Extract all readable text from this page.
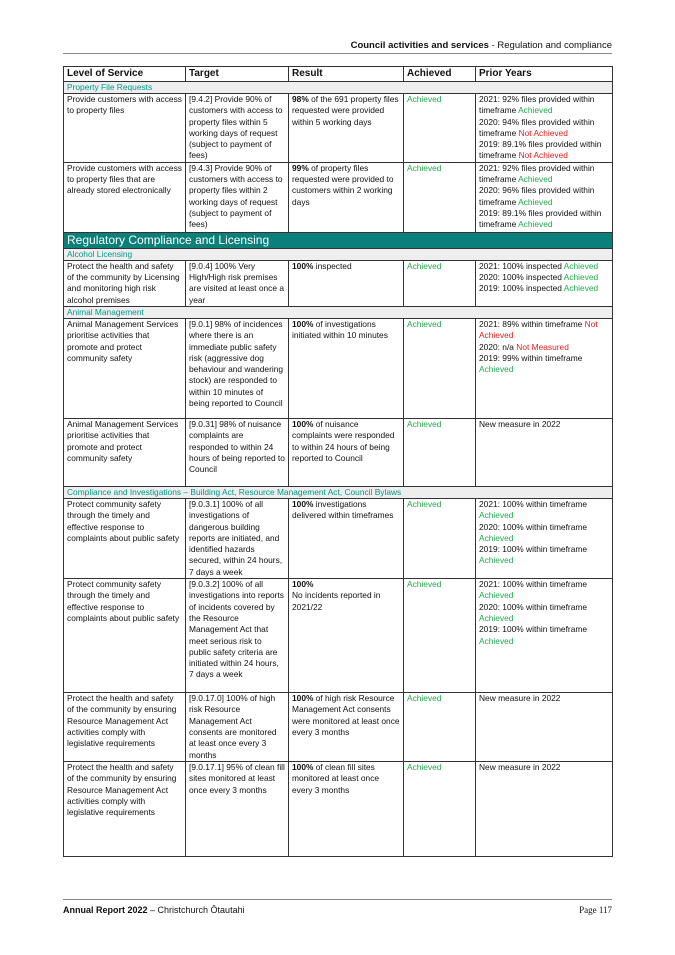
Council activities and services - Regulation and compliance
Level of Service	Target	Result	Achieved	Prior Years
Property File Requests				
Provide customers with access to property files	[9.4.2] Provide 90% of customers with access to property files within 5 working days of request (subject to payment of fees)	98% of the 691 property files requested were provided within 5 working days	Achieved	2021: 92% files provided within timeframe Achieved
2020: 94% files provided within timeframe Not Achieved
2019: 89.1% files provided within timeframe Not Achieved
Provide customers with access to property files that are already stored electronically	[9.4.3] Provide 90% of customers with access to property files within 2 working days of request (subject to payment of fees)	99% of property files requested were provided to customers within 2 working days	Achieved	2021: 92% files provided within timeframe Achieved
2020: 96% files provided within timeframe Achieved
2019: 89.1% files provided within timeframe Achieved
Regulatory Compliance and Licensing				
Alcohol Licensing				
Protect the health and safety of the community by Licensing and monitoring high risk alcohol premises	[9.0.4] 100% Very High/High risk premises are visited at least once a year	100% inspected	Achieved	2021: 100% inspected Achieved
2020: 100% inspected Achieved
2019: 100% inspected Achieved
Animal Management				
Animal Management Services prioritise activities that promote and protect community safety	[9.0.1] 98% of incidences where there is an immediate public safety risk (aggressive dog behaviour and wandering stock) are responded to within 10 minutes of being reported to Council	100% of investigations initiated within 10 minutes	Achieved	2021: 89% within timeframe Not Achieved
2020: n/a Not Measured
2019: 99% within timeframe Achieved
Animal Management Services prioritise activities that promote and protect community safety	[9.0.31] 98% of nuisance complaints are responded to within 24 hours of being reported to Council	100% of nuisance complaints were responded to within 24 hours of being reported to Council	Achieved	New measure in 2022
Compliance and Investigations – Building Act, Resource Management Act, Council Bylaws				
Protect community safety through the timely and effective response to complaints about public safety	[9.0.3.1] 100% of all investigations of dangerous building reports are initiated, and identified hazards secured, within 24 hours, 7 days a week	100% investigations delivered within timeframes	Achieved	2021: 100% within timeframe Achieved
2020: 100% within timeframe Achieved
2019: 100% within timeframe Achieved
Protect community safety through the timely and effective response to complaints about public safety	[9.0.3.2] 100% of all investigations into reports of incidents covered by the Resource Management Act that meet serious risk to public safety criteria are initiated within 24 hours, 7 days a week	100%
No incidents reported in 2021/22	Achieved	2021: 100% within timeframe Achieved
2020: 100% within timeframe Achieved
2019: 100% within timeframe Achieved
Protect the health and safety of the community by ensuring Resource Management Act activities comply with legislative requirements	[9.0.17.0] 100% of high risk Resource Management Act consents are monitored at least once every 3 months	100% of high risk Resource Management Act consents were monitored at least once every 3 months	Achieved	New measure in 2022
Protect the health and safety of the community by ensuring Resource Management Act activities comply with legislative requirements	[9.0.17.1] 95% of clean fill sites monitored at least once every 3 months	100% of clean fill sites monitored at least once every 3 months	Achieved	New measure in 2022
Annual Report 2022 – Christchurch Ōtautahi	Page 117
